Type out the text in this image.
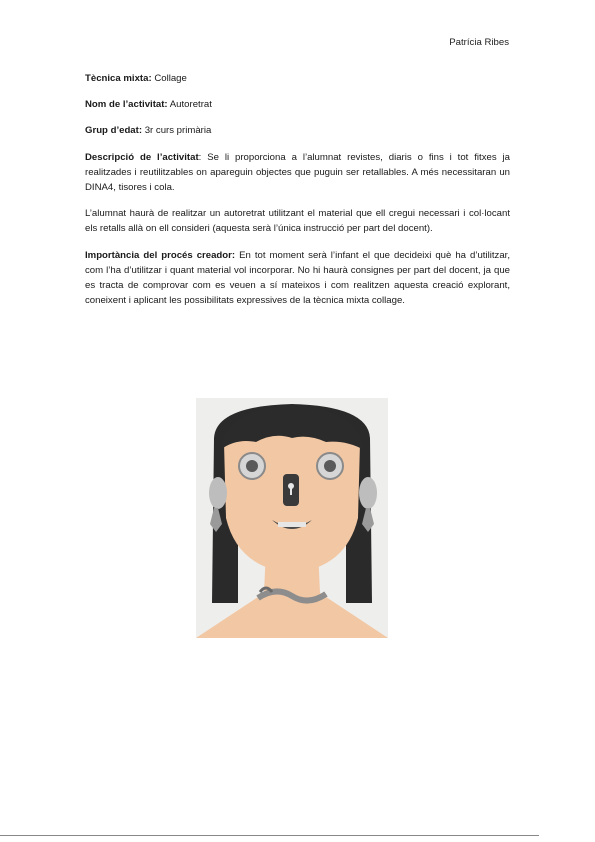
Patrícia Ribes

Tècnica mixta: Collage

Nom de l’activitat: Autoretrat

Grup d’edat: 3r curs primària

Descripció de l’activitat: Se li proporciona a l’alumnat revistes, diaris o fins i tot fitxes ja realitzades i reutilitzables on apareguin objectes que puguin ser retallables. A més necessitaran un DINA4, tisores i cola.

L’alumnat haurà de realitzar un autoretrat utilitzant el material que ell cregui necessari i col·locant els retalls allà on ell consideri (aquesta serà l’única instrucció per part del docent).

Importància del procés creador: En tot moment serà l’infant el que decideixi què ha d’utilitzar, com l’ha d’utilitzar i quant material vol incorporar. No hi haurà consignes per part del docent, ja que es tracta de comprovar com es veuen a sí mateixos i com realitzen aquesta creació explorant, coneixent i aplicant les possibilitats expressives de la tècnica mixta collage.
